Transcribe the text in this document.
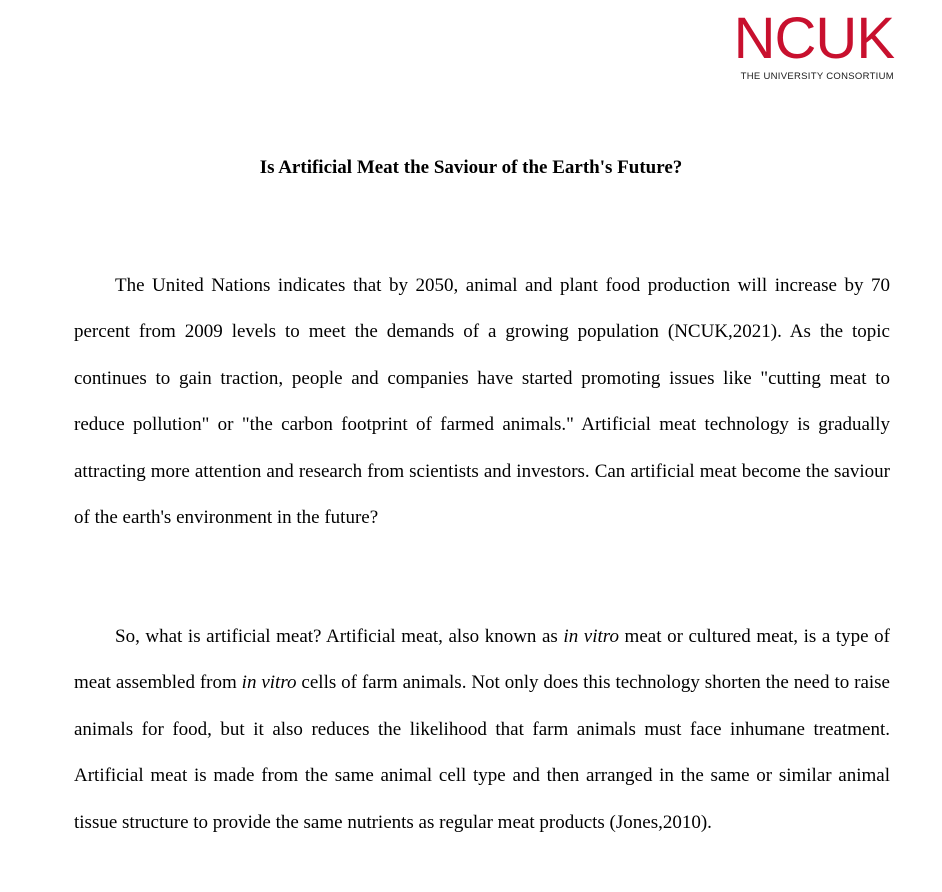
NCUK
THE UNIVERSITY CONSORTIUM
Is Artificial Meat the Saviour of the Earth's Future?

The United Nations indicates that by 2050, animal and plant food production will increase by 70 percent from 2009 levels to meet the demands of a growing population (NCUK,2021). As the topic continues to gain traction, people and companies have started promoting issues like "cutting meat to reduce pollution" or "the carbon footprint of farmed animals." Artificial meat technology is gradually attracting more attention and research from scientists and investors. Can artificial meat become the saviour of the earth's environment in the future?

So, what is artificial meat? Artificial meat, also known as in vitro meat or cultured meat, is a type of meat assembled from in vitro cells of farm animals. Not only does this technology shorten the need to raise animals for food, but it also reduces the likelihood that farm animals must face inhumane treatment. Artificial meat is made from the same animal cell type and then arranged in the same or similar animal tissue structure to provide the same nutrients as regular meat products (Jones,2010).
